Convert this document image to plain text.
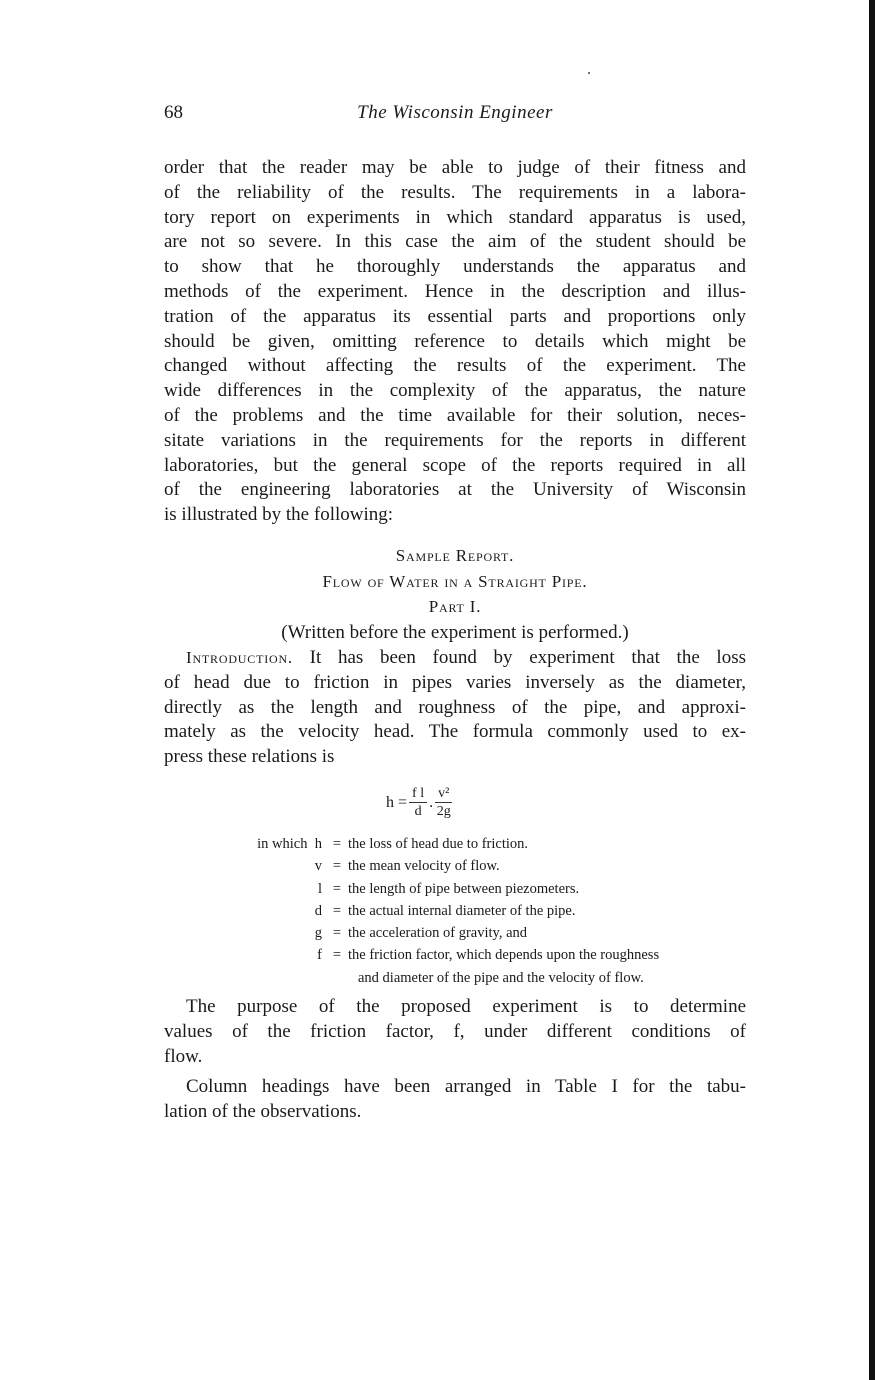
68	The Wisconsin Engineer
order that the reader may be able to judge of their fitness and
of the reliability of the results. The requirements in a labora-
tory report on experiments in which standard apparatus is used,
are not so severe. In this case the aim of the student should be
to show that he thoroughly understands the apparatus and
methods of the experiment. Hence in the description and illus-
tration of the apparatus its essential parts and proportions only
should be given, omitting reference to details which might be
changed without affecting the results of the experiment. The
wide differences in the complexity of the apparatus, the nature
of the problems and the time available for their solution, neces-
sitate variations in the requirements for the reports in different
laboratories, but the general scope of the reports required in all
of the engineering laboratories at the University of Wisconsin
is illustrated by the following:
Sample Report.
Flow of Water in a Straight Pipe.
Part I.
(Written before the experiment is performed.)
Introduction. It has been found by experiment that the loss
of head due to friction in pipes varies inversely as the diameter,
directly as the length and roughness of the pipe, and approxi-
mately as the velocity head. The formula commonly used to ex-
press these relations is
$h = \frac{\text{f l}}{d}$ . $\frac{\text{v²}}{2g}$
in which h = the loss of head due to friction.
v = the mean velocity of flow.
l = the length of pipe between piezometers.
d = the actual internal diameter of the pipe.
g = the acceleration of gravity, and
f = the friction factor, which depends upon the roughness
and diameter of the pipe and the velocity of flow.
The purpose of the proposed experiment is to determine
values of the friction factor, f, under different conditions of
flow.
Column headings have been arranged in Table I for the tabu-
lation of the observations.
